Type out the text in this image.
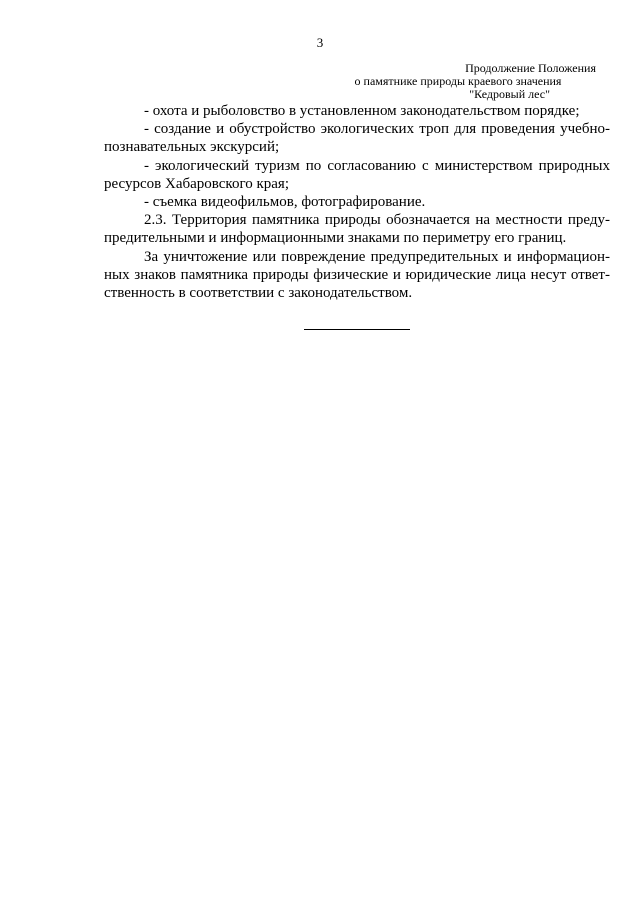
3
Продолжение Положения
о памятнике природы краевого значения
"Кедровый лес"

- охота и рыболовство в установленном законодательством порядке;

- создание и обустройство экологических троп для проведения учебно-познавательных экскурсий;

- экологический туризм по согласованию с министерством природных ресурсов Хабаровского края;

- съемка видеофильмов, фотографирование.

2.3. Территория памятника природы обозначается на местности преду-предительными и информационными знаками по периметру его границ.

За уничтожение или повреждение предупредительных и информацион-ных знаков памятника природы физические и юридические лица несут ответ-ственность в соответствии с законодательством.
